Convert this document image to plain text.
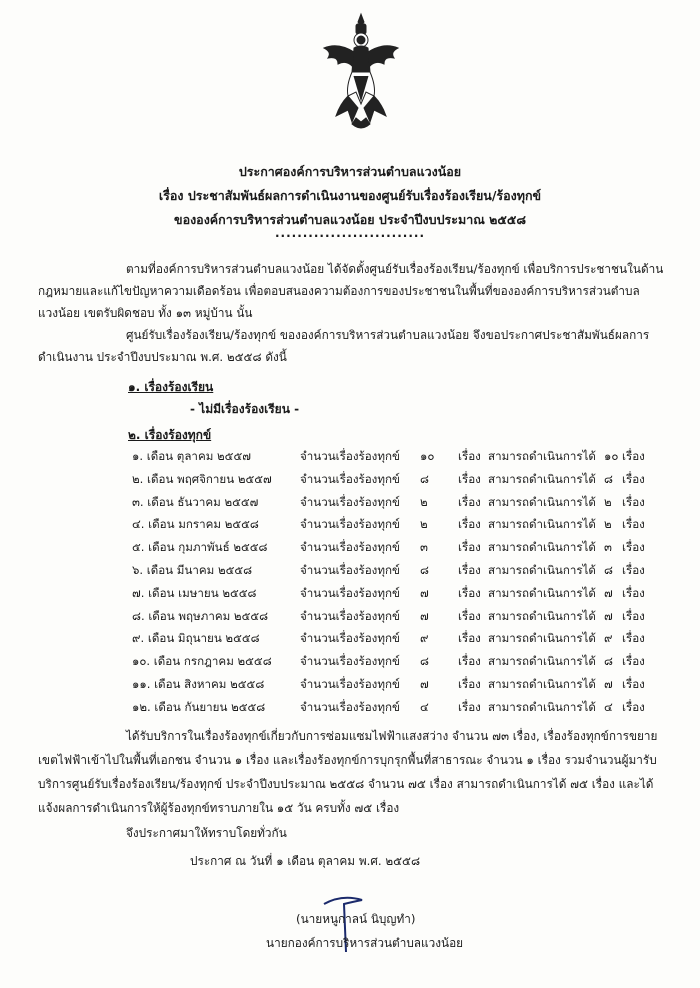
ประกาศองค์การบริหารส่วนตำบลแวงน้อย
เรื่อง ประชาสัมพันธ์ผลการดำเนินงานของศูนย์รับเรื่องร้องเรียน/ร้องทุกข์
ขององค์การบริหารส่วนตำบลแวงน้อย ประจำปีงบประมาณ ๒๕๕๘
...........................
ตามที่องค์การบริหารส่วนตำบลแวงน้อย ได้จัดตั้งศูนย์รับเรื่องร้องเรียน/ร้องทุกข์ เพื่อบริการประชาชนในด้านกฎหมายและแก้ไขปัญหาความเดือดร้อน เพื่อตอบสนองความต้องการของประชาชนในพื้นที่ขององค์การบริหารส่วนตำบลแวงน้อย เขตรับผิดชอบ ทั้ง ๑๓ หมู่บ้าน นั้น
ศูนย์รับเรื่องร้องเรียน/ร้องทุกข์ ขององค์การบริหารส่วนตำบลแวงน้อย จึงขอประกาศประชาสัมพันธ์ผลการดำเนินงาน ประจำปีงบประมาณ พ.ศ. ๒๕๕๘ ดังนี้
๑. เรื่องร้องเรียน
- ไม่มีเรื่องร้องเรียน -
๒. เรื่องร้องทุกข์
๑. เดือน ตุลาคม ๒๕๕๗	จำนวนเรื่องร้องทุกข์ ๑๐	เรื่อง สามารถดำเนินการได้ ๑๐ เรื่อง
๒. เดือน พฤศจิกายน ๒๕๕๗ จำนวนเรื่องร้องทุกข์ ๘	เรื่อง สามารถดำเนินการได้ ๘ เรื่อง
๓. เดือน ธันวาคม ๒๕๕๗	จำนวนเรื่องร้องทุกข์ ๒	เรื่อง สามารถดำเนินการได้ ๒ เรื่อง
๔. เดือน มกราคม ๒๕๕๘	จำนวนเรื่องร้องทุกข์ ๒	เรื่อง สามารถดำเนินการได้ ๒ เรื่อง
๕. เดือน กุมภาพันธ์ ๒๕๕๘	จำนวนเรื่องร้องทุกข์ ๓	เรื่อง สามารถดำเนินการได้ ๓ เรื่อง
๖. เดือน มีนาคม ๒๕๕๘	จำนวนเรื่องร้องทุกข์ ๘	เรื่อง สามารถดำเนินการได้ ๘ เรื่อง
๗. เดือน เมษายน ๒๕๕๘	จำนวนเรื่องร้องทุกข์ ๗	เรื่อง สามารถดำเนินการได้ ๗ เรื่อง
๘. เดือน พฤษภาคม ๒๕๕๘	จำนวนเรื่องร้องทุกข์ ๗	เรื่อง สามารถดำเนินการได้ ๗ เรื่อง
๙. เดือน มิถุนายน ๒๕๕๘	จำนวนเรื่องร้องทุกข์ ๙	เรื่อง สามารถดำเนินการได้ ๙ เรื่อง
๑๐. เดือน กรกฎาคม ๒๕๕๘ จำนวนเรื่องร้องทุกข์ ๘	เรื่อง สามารถดำเนินการได้ ๘ เรื่อง
๑๑. เดือน สิงหาคม ๒๕๕๘	จำนวนเรื่องร้องทุกข์ ๗	เรื่อง สามารถดำเนินการได้ ๗ เรื่อง
๑๒. เดือน กันยายน ๒๕๕๘	จำนวนเรื่องร้องทุกข์ ๔	เรื่อง สามารถดำเนินการได้ ๔ เรื่อง
ได้รับบริการในเรื่องร้องทุกข์เกี่ยวกับการซ่อมแซมไฟฟ้าแสงสว่าง จำนวน ๗๓ เรื่อง, เรื่องร้องทุกข์การขยายเขตไฟฟ้าเข้าไปในพื้นที่เอกชน จำนวน ๑ เรื่อง และเรื่องร้องทุกข์การบุกรุกพื้นที่สาธารณะ จำนวน ๑ เรื่อง รวมจำนวนผู้มารับบริการศูนย์รับเรื่องร้องเรียน/ร้องทุกข์ ประจำปีงบประมาณ ๒๕๕๘ จำนวน ๗๕ เรื่อง สามารถดำเนินการได้ ๗๕ เรื่อง และได้แจ้งผลการดำเนินการให้ผู้ร้องทุกข์ทราบภายใน ๑๕ วัน ครบทั้ง ๗๕ เรื่อง
จึงประกาศมาให้ทราบโดยทั่วกัน
ประกาศ ณ วันที่ ๑ เดือน ตุลาคม พ.ศ. ๒๕๕๘
(นายหนูกาลน์ นิบุญทำ)
นายกองค์การบริหารส่วนตำบลแวงน้อย
